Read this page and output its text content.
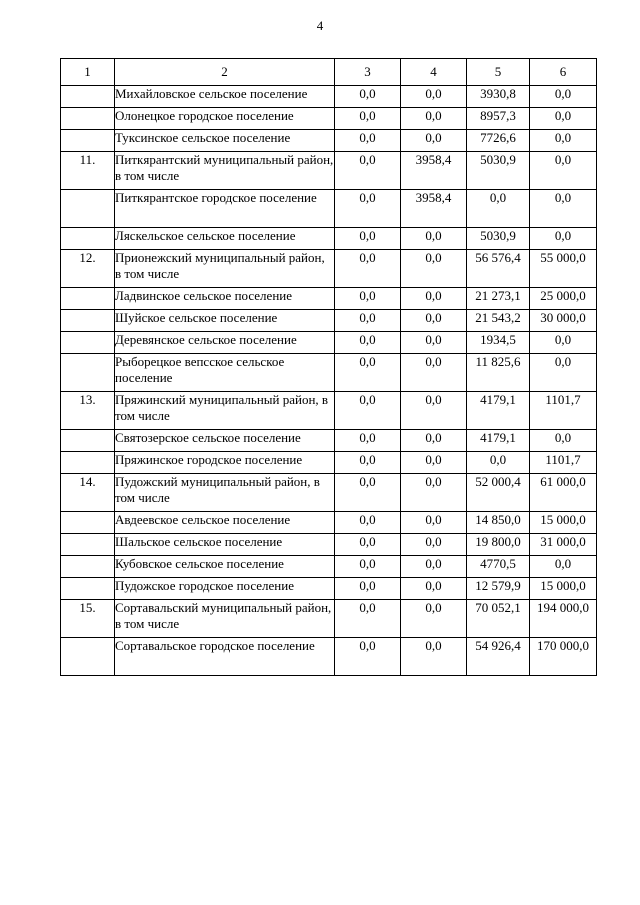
4
1	2	3	4	5	6
	Михайловское сельское поселение	0,0	0,0	3930,8	0,0
	Олонецкое городское поселение	0,0	0,0	8957,3	0,0
	Туксинское сельское поселение	0,0	0,0	7726,6	0,0
11.	Питкярантский муниципальный район, в том числе	0,0	3958,4	5030,9	0,0
	Питкярантское городское поселение	0,0	3958,4	0,0	0,0
	Ляскельское сельское поселение	0,0	0,0	5030,9	0,0
12.	Прионежский муниципальный район, в том числе	0,0	0,0	56 576,4	55 000,0
	Ладвинское сельское поселение	0,0	0,0	21 273,1	25 000,0
	Шуйское сельское поселение	0,0	0,0	21 543,2	30 000,0
	Деревянское сельское поселение	0,0	0,0	1934,5	0,0
	Рыборецкое вепсское сельское поселение	0,0	0,0	11 825,6	0,0
13.	Пряжинский муниципальный район, в том числе	0,0	0,0	4179,1	1101,7
	Святозерское сельское поселение	0,0	0,0	4179,1	0,0
	Пряжинское городское поселение	0,0	0,0	0,0	1101,7
14.	Пудожский муниципальный район, в том числе	0,0	0,0	52 000,4	61 000,0
	Авдеевское сельское поселение	0,0	0,0	14 850,0	15 000,0
	Шальское сельское поселение	0,0	0,0	19 800,0	31 000,0
	Кубовское сельское поселение	0,0	0,0	4770,5	0,0
	Пудожское городское поселение	0,0	0,0	12 579,9	15 000,0
15.	Сортавальский муниципальный район, в том числе	0,0	0,0	70 052,1	194 000,0
	Сортавальское городское поселение	0,0	0,0	54 926,4	170 000,0
